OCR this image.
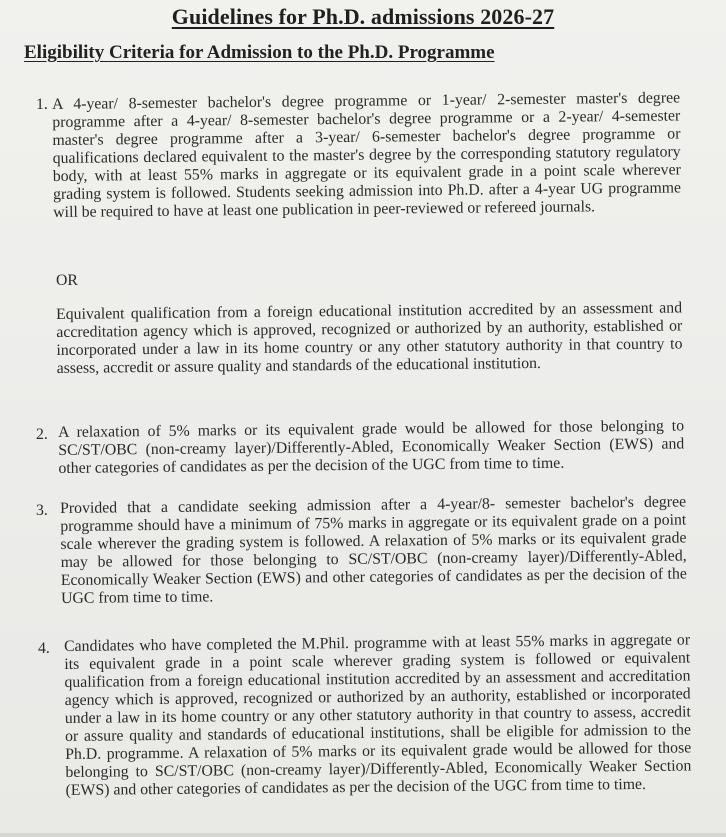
Guidelines for Ph.D. admissions 2026-27
Eligibility Criteria for Admission to the Ph.D. Programme
1. A 4-year/ 8-semester bachelor's degree programme or 1-year/ 2-semester master's degree programme after a 4-year/ 8-semester bachelor's degree programme or a 2-year/ 4-semester master's degree programme after a 3-year/ 6-semester bachelor's degree programme or qualifications declared equivalent to the master's degree by the corresponding statutory regulatory body, with at least 55% marks in aggregate or its equivalent grade in a point scale wherever grading system is followed. Students seeking admission into Ph.D. after a 4-year UG programme will be required to have at least one publication in peer-reviewed or refereed journals.
OR
Equivalent qualification from a foreign educational institution accredited by an assessment and accreditation agency which is approved, recognized or authorized by an authority, established or incorporated under a law in its home country or any other statutory authority in that country to assess, accredit or assure quality and standards of the educational institution.
2. A relaxation of 5% marks or its equivalent grade would be allowed for those belonging to SC/ST/OBC (non-creamy layer)/Differently-Abled, Economically Weaker Section (EWS) and other categories of candidates as per the decision of the UGC from time to time.
3. Provided that a candidate seeking admission after a 4-year/8- semester bachelor's degree programme should have a minimum of 75% marks in aggregate or its equivalent grade on a point scale wherever the grading system is followed. A relaxation of 5% marks or its equivalent grade may be allowed for those belonging to SC/ST/OBC (non-creamy layer)/Differently-Abled, Economically Weaker Section (EWS) and other categories of candidates as per the decision of the UGC from time to time.
4. Candidates who have completed the M.Phil. programme with at least 55% marks in aggregate or its equivalent grade in a point scale wherever grading system is followed or equivalent qualification from a foreign educational institution accredited by an assessment and accreditation agency which is approved, recognized or authorized by an authority, established or incorporated under a law in its home country or any other statutory authority in that country to assess, accredit or assure quality and standards of educational institutions, shall be eligible for admission to the Ph.D. programme. A relaxation of 5% marks or its equivalent grade would be allowed for those belonging to SC/ST/OBC (non-creamy layer)/Differently-Abled, Economically Weaker Section (EWS) and other categories of candidates as per the decision of the UGC from time to time.
